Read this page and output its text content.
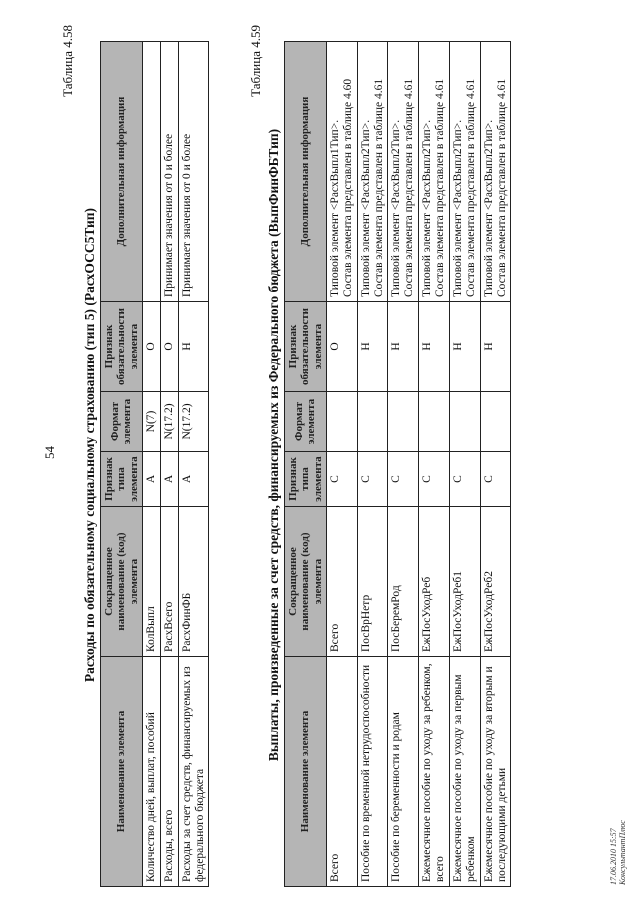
54
Таблица 4.58
Расходы по обязательному социальному страхованию (тип 5) (РасхОСС5Тип)
Наименование элемента	Сокращенное наименование (код) элемента	Признак типа элемента	Формат элемента	Признак обязательности элемента	Дополнительная информация
Количество дней, выплат, пособий	КолВыпл	А	N(7)	О	
Расходы, всего	РасхВсего	А	N(17.2)	О	Принимает значения от 0 и более
Расходы за счет средств, финансируемых из федерального бюджета	РасхФинФБ	А	N(17.2)	Н	Принимает значения от 0 и более
Таблица 4.59
Выплаты, произведенные за счет средств, финансируемых из Федерального бюджета (ВыпФинФБТип)
Наименование элемента	Сокращенное наименование (код) элемента	Признак типа элемента	Формат элемента	Признак обязательности элемента	Дополнительная информация
Всего	Всего	С		О	Типовой элемент <РасхВыпл1Тип>. Состав элемента представлен в таблице 4.60

Пособие по временной нетрудоспособности	ПосВрНетр	С		Н	Типовой элемент <РасхВыпл2Тип>. Состав элемента представлен в таблице 4.61

Пособие по беременности и родам	ПосБеремРод	С		Н	Типовой элемент <РасхВыпл2Тип>. Состав элемента представлен в таблице 4.61

Ежемесячное пособие по уходу за ребенком, всего	ЕжПосУходРеб	С		Н	Типовой элемент <РасхВыпл2Тип>. Состав элемента представлен в таблице 4.61

Ежемесячное пособие по уходу за первым ребенком	ЕжПосУходРеб1	С		Н	Типовой элемент <РасхВыпл2Тип>. Состав элемента представлен в таблице 4.61

Ежемесячное пособие по уходу за вторым и последующими детьми	ЕжПосУходРеб2	С		Н	Типовой элемент <РасхВыпл2Тип>. Состав элемента представлен в таблице 4.61
17.06.2010 15:57 КонсультантПлюс
